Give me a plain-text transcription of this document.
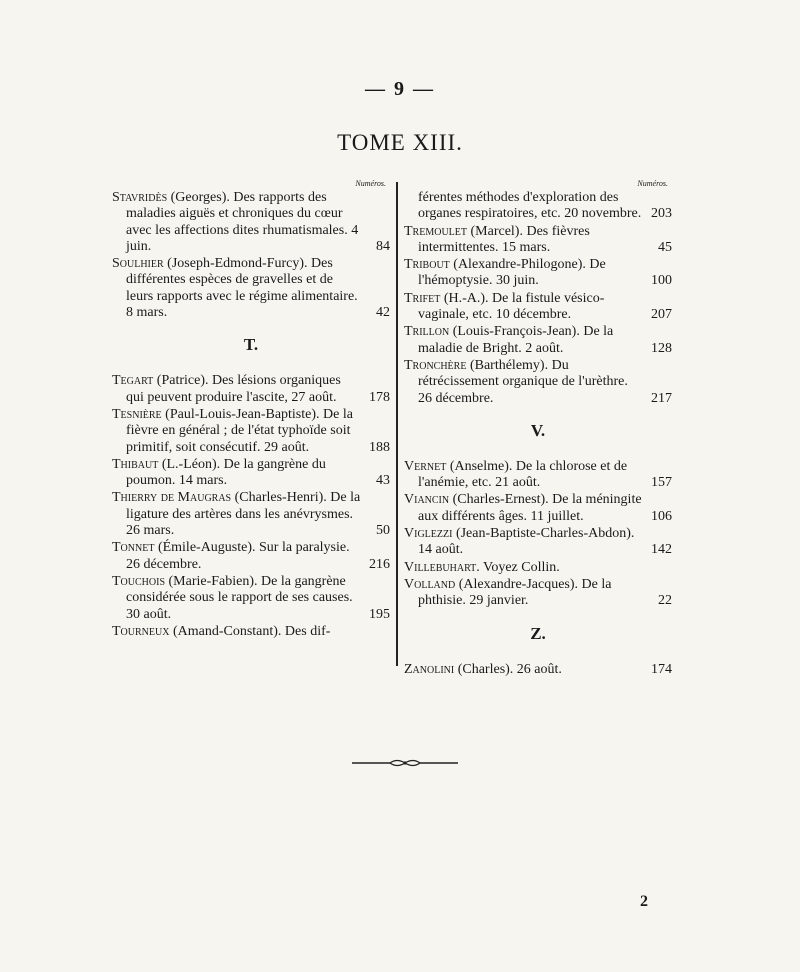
— 9 —
TOME XIII.
Numéros.
Stavridès (Georges). Des rapports des maladies aiguës et chroniques du cœur avec les affections dites rhumatismales. 4 juin.	84
Soulhier (Joseph-Edmond-Furcy). Des différentes espèces de gravelles et de leurs rapports avec le régime alimentaire. 8 mars.	42
T.
Tegart (Patrice). Des lésions organiques qui peuvent produire l'ascite, 27 août. 178
Tesnière (Paul-Louis-Jean-Baptiste). De la fièvre en général ; de l'état typhoïde soit primitif, soit consécutif. 29 août.	188
Thibaut (L.-Léon). De la gangrène du poumon. 14 mars.	43
Thierry de Maugras (Charles-Henri). De la ligature des artères dans les anévrysmes. 26 mars.	50
Tonnet (Émile-Auguste). Sur la paralysie. 26 décembre.	216
Touchois (Marie-Fabien). De la gangrène considérée sous le rapport de ses causes. 30 août.	195
Tourneux (Amand-Constant). Des dif-
Numéros.
férentes méthodes d'exploration des organes respiratoires, etc. 20 novembre. 203
Tremoulet (Marcel). Des fièvres intermittentes. 15 mars.	45
Tribout (Alexandre-Philogone). De l'hémoptysie. 30 juin.	100
Trifet (H.-A.). De la fistule vésico-vaginale, etc. 10 décembre.	207
Trillon (Louis-François-Jean). De la maladie de Bright. 2 août.	128
Tronchère (Barthélemy). Du rétrécissement organique de l'urèthre. 26 décembre.	217
V.
Vernet (Anselme). De la chlorose et de l'anémie, etc. 21 août.	157
Viancin (Charles-Ernest). De la méningite aux différents âges. 11 juillet.	106
Viglezzi (Jean-Baptiste-Charles-Abdon). 14 août.	142
Villebuhart. Voyez Collin.
Volland (Alexandre-Jacques). De la phthisie. 29 janvier.	22
Z.
Zanolini (Charles). 26 août.	174
2
